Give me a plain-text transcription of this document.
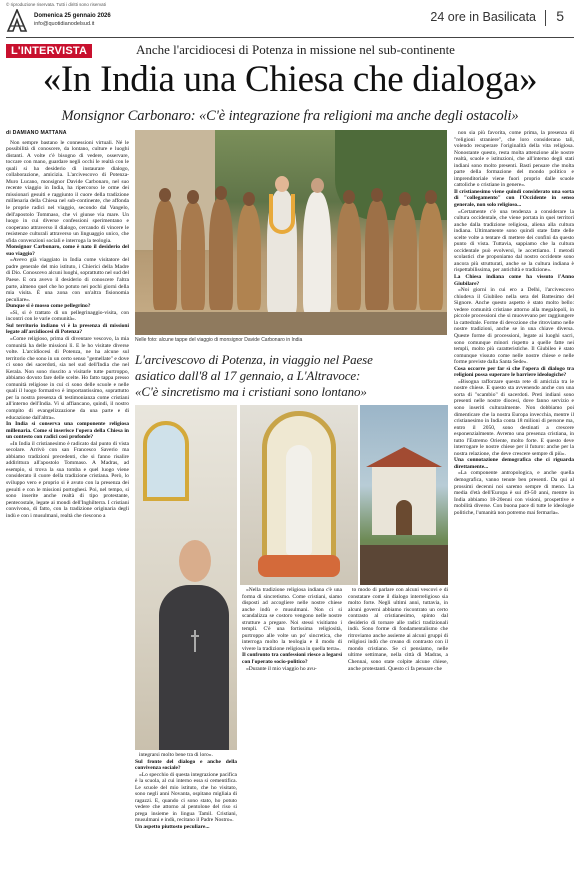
© riproduzione riservata. Tutti i diritti sono riservati
Domenica 25 gennaio 2026
info@quotidianodelsud.it	24 ore in Basilicata 5
L'INTERVISTA	Anche l'arcidiocesi di Potenza in missione nel sub-continente
«In India una Chiesa che dialoga»
Monsignor Carbonaro: «C'è integrazione fra religioni ma anche degli ostacoli»

di DAMIANO MATTANA

Non sempre bastano le connessioni virtuali. Né le possibilità di conoscere, da lontano, culture e luoghi distanti. A volte c'è bisogno di vedere, osservare, toccare con mano, guardare negli occhi le realtà con le quali si ha desiderio di instaurare dialogo, collaborazione, amicizia. L'arcivescovo di Potenza-Muro Lucano, monsignor Davide Carbonaro, nel suo recente viaggio in India, ha ripercorso le orme dei missionari gesuiti e raggiunto il cuore della tradizione millenaria della Chiesa nel sub-continente, che affonda le proprie radici nel viaggio, secondo dal Vangelo, dell'apostolo Tommaso, che vi giunse via mare. Un luogo in cui diverse confessioni sperimentano e cooperano attraverso il dialogo, cercando di vincere le resistenze culturali attraverso un linguaggio unico, che sfida convenzioni sociali e interroga la teologia.

Monsignor Carbonaro, come è nato il desiderio del suo viaggio?

«Avevo già viaggiato in India come visitatore del padre generale del mio istituto, i Chierici della Madre di Dio. Conoscevo alcuni luoghi, soprattutto nel sud del Paese. E ora avevo il desiderio di conoscere l'altra parte, almeno quel che ho potuto nei pochi giorni della mia visita. È una zona con un'altra fisionomia peculiare».

Dunque si è mosso come pellegrino?

«Sì, si è trattato di un pellegrinaggio-visita, con incontri con le varie comunità».

Sul territorio indiano vi è la presenza di missioni legate all'arcidiocesi di Potenza?

«Come religioso, prima di diventare vescovo, la mia comunità ha delle missioni lì. E le ho visitate diverse volte. L'arcidiocesi di Potenza, ne ha alcune sul territorio che sono in un certo senso "gemellate" e dove ci sono dei sacerdoti, sia nel sud dell'India che nel Kerala. Non sono riuscito a visitarle tutte purtroppo, abbiamo dovuto fare delle scelte. Ho fatto tappa presso comunità religiose in cui ci sono delle scuole e nelle quali il luogo formativo è importantissimo, soprattutto per la nostra presenza di testimonianza come cristiani all'interno dell'India. Vi si affiancano, quindi, il nostro compito di evangelizzazione da una parte e di educazione dall'altra».

In India si conserva una componente religiosa millenaria. Come si inserisce l'opera della Chiesa in un contesto con radici così profonde?

«In India il cristianesimo è radicato dal punto di vista secolare. Arrivò con san Francesco Saverio ma abbiamo tradizioni precedenti, che si fanno risalire addirittura all'apostolo Tommaso. A Madras, ad esempio, si trova la sua tomba e quel luogo viene considerato il cuore della tradizione cristiana. Però, lo sviluppo vero e proprio si è avuto con la presenza dei gesuiti e con le missioni portoghesi. Poi, nel tempo, si sono inserite anche realtà di tipo protestante, pentecostale, legate ai mondi dell'Inghilterra. I cristiani convivono, di fatto, con la tradizione originaria degli indù e con i musulmani, realtà che riescono a

Nelle foto: alcune tappe del viaggio di monsignor Davide Carbonaro in India
L'arcivescovo di Potenza, in viaggio nel Paese
asiatico dall'8 al 17 gennaio, a L'Altravoce:
«C'è sincretismo ma i cristiani sono lontano»

integrarsi molto bene tra di loro».

Sul fronte del dialogo e anche della convivenza sociale?

«Lo specchio di questa integrazione pacifica è la scuola, al cui interno essa si cementifica. Le scuole del mio istituto, che ho visitato, sono negli anni Novanta, ospitano migliaia di ragazzi. E, quando ci sono stato, ho potuto vedere che attorno al pentolone del riso si prega insieme in lingua Tamil. Cristiani, musulmani e indù, recitano il Padre Nostro».

Un aspetto piuttosto peculiare...

«Nella tradizione religiosa indiana c'è una forma di sincretismo. Come cristiani, siamo disposti ad accogliere nelle nostre chiese anche indù e musulmani. Non ci si scandalizza se costoro vengono nelle nostre strutture a pregare. Noi stessi visitiamo i templi. C'è una fortissima religiosità, purtroppo alle volte un po' sincretica, che interroga molto la teologia e il modo di vivere la tradizione religiosa in quella terra».

Il confronto tra confessioni riesce a legarsi con l'operato socio-politico?

«Durante il mio viaggio ho avu-

to modo di parlare con alcuni vescovi e di constatare come il dialogo interreligioso sia molto forte. Negli ultimi anni, tuttavia, in alcuni governi abbiamo riscontrato un certo contrasto al cristianesimo, spinto dal desiderio di tornare alle radici tradizionali indù. Sono forme di fondamentalismo che ritroviamo anche assieme ai alcuni gruppi di religiosi indù che creano di contrasto con il mondo cristiano. Se ci pensiamo, nelle ultime settimane, nella città di Madras, a Chennai, sono state colpite alcune chiese, anche protestanti. Questo ci fa pensare che

non sia più favorita, come prima, la presenza di "religioni straniere", che loro considerano tali, volendo recuperare l'originalità della vita religiosa. Nonostante questo, resta molta attenzione alle nostre realtà, scuole e istituzioni, che all'interno degli stati indiani sono molto presenti. Basti pensare che molta parte della formazione del mondo politico e imprenditoriale viene fuori proprio dalle scuole cattoliche o cristiane in genere».

Il cristianesimo viene quindi considerato una sorta di "collegamento" con l'Occidente in senso generale, non solo religioso...

«Certamente c'è una tendenza a considerare la cultura occidentale, che viene portata in quei territori anche dalla tradizione religiosa, aliena alla cultura indiana. Ultimamente sono quindi state fatte delle scelte volte a tentare di mettere dei confini da questo punto di vista. Tuttavia, sappiamo che la cultura occidentale può evolversi, le accettiamo. I metodi scolastici che proponiamo dal nostro occidente sono ancora più strutturati, anche se la cultura indiana è rispettabilissima, per antichità e tradizione».

La Chiesa indiana come ha vissuto l'Anno Giubilare?

«Noi giorni in cui ero a Delhi, l'arcivescovo chiudeva il Giubileo nella sera del Battesimo del Signore. Anche questo aspetto è stato molto bello: vedere comunità cristiane attorno alla megalopoli, in piccole processioni che si muovevano per raggiungere la cattedrale. Forme di devozione che ritroviamo nelle nostre tradizioni, anche se in una chiave diversa. Queste forme di processioni, legate ai luoghi sacri, sono comunque minori rispetto a quelle fatte nei templi, molto più caratteristiche. Il Giubileo è stato comunque vissuto come nelle nostre chiese e nelle forme previste dalla Santa Sede».

Cosa occorre per far sì che l'opera di dialogo tra religioni possa superare le barriere ideologiche?

«Bisogna rafforzare questa rete di amicizia tra le nostre chiese. E questo sta avvenendo anche con una sorta di "scambio" di sacerdoti. Preti indiani sono presenti nelle nostre diocesi, dove fanno servizio e sono inseriti culturalmente. Non dobbiamo poi dimenticare che la nostra Europa invecchia, mentre il cristianesimo in India conta 18 milioni di persone ma, entro il 2050, sono destinati a crescere esponenzialmente. Avremo una presenza cristiana, in tutto l'Estremo Oriente, molto forte. E questo deve interrogare le nostre chiese per il futuro: anche per la nostra relazione, che deve crescere sempre di più».

Una connotazione demografica che ci riguarda direttamente...

«La componente antropologica, e anche quella demografica, vanno tenute ben presenti. Da qui al prossimi decenni noi saremo sempre di meno. La media d'età dell'Europa è sui 49-50 anni, mentre in India abbiamo 18-20enni con visioni, prospettive e mobilità diverse. Con buona pace di tutte le ideologie politiche, l'umanità non potremo mai fermarla».
